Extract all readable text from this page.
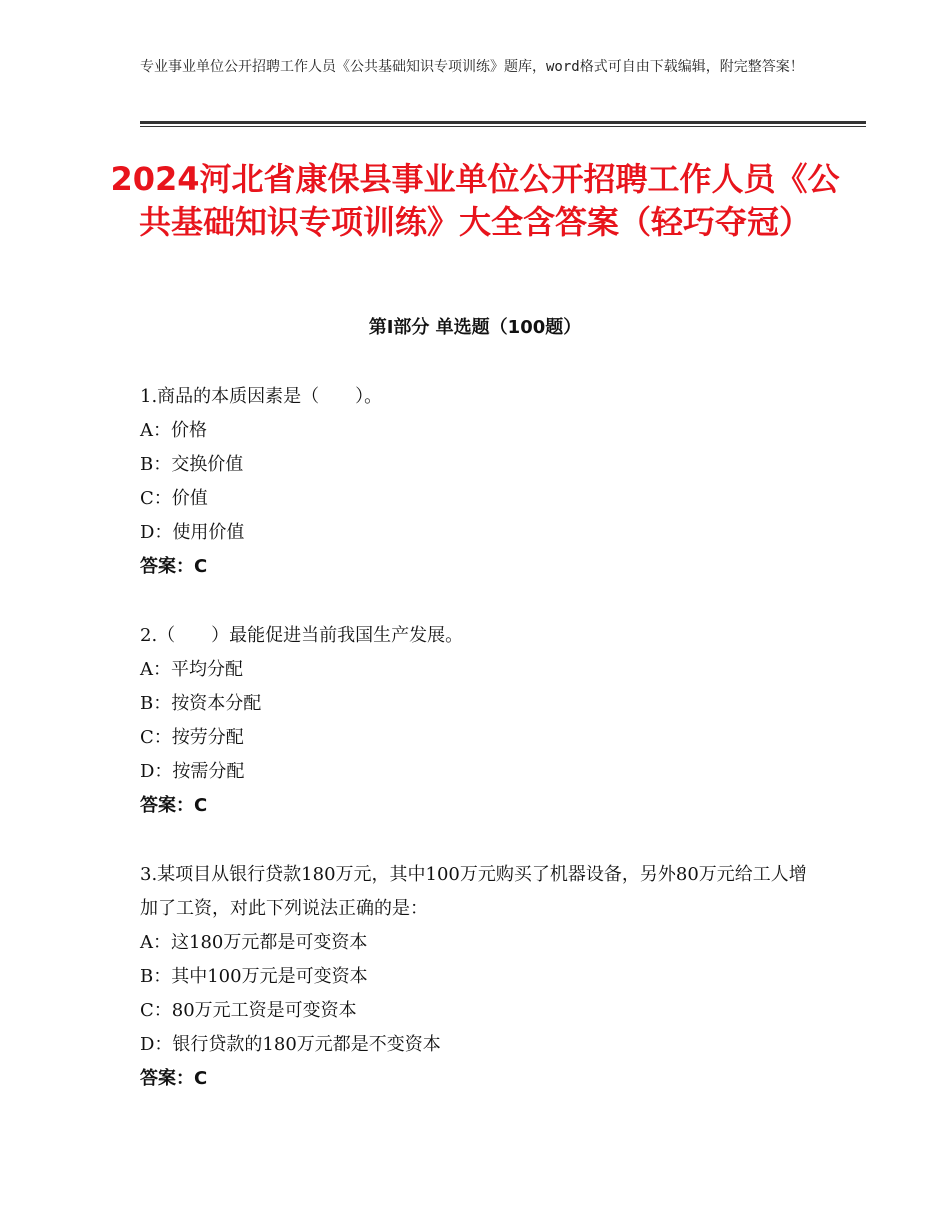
专业事业单位公开招聘工作人员《公共基础知识专项训练》题库，word格式可自由下载编辑，附完整答案！
2024河北省康保县事业单位公开招聘工作人员《公共基础知识专项训练》大全含答案（轻巧夺冠）
第Ⅰ部分 单选题（100题）

1.商品的本质因素是（　　）。

A：价格

B：交换价值

C：价值

D：使用价值

答案：C

2.（　　）最能促进当前我国生产发展。

A：平均分配

B：按资本分配

C：按劳分配

D：按需分配

答案：C

3.某项目从银行贷款180万元，其中100万元购买了机器设备，另外80万元给工人增加了工资，对此下列说法正确的是：

A：这180万元都是可变资本

B：其中100万元是可变资本

C：80万元工资是可变资本

D：银行贷款的180万元都是不变资本

答案：C
